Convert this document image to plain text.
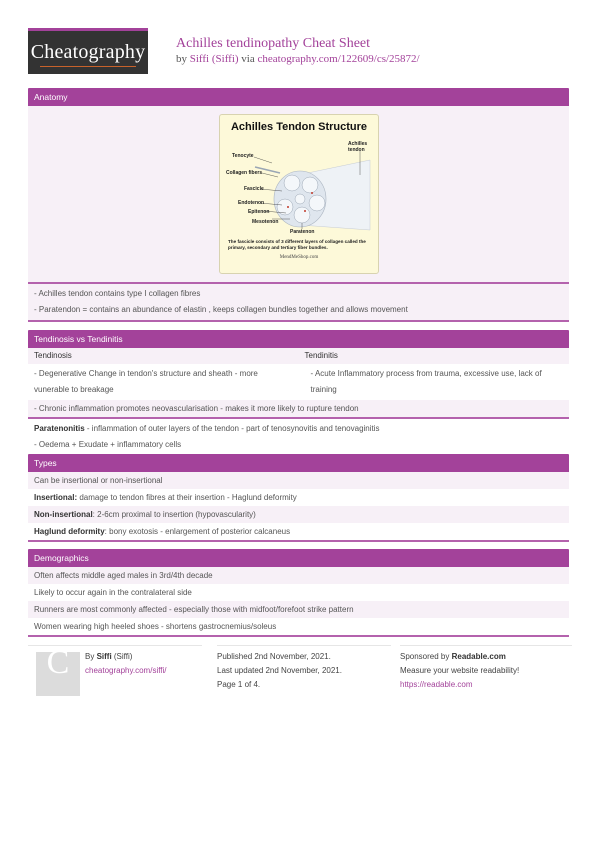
Cheatography Achilles tendinopathy Cheat Sheet
by Siffi (Siffi) via cheatography.com/122609/cs/25872/
Anatomy
Achilles Tendon Structure
Tenocyte
Collagen fibers
Fascicle
Endotenon
Epitenon
Mesotenon
Paratenon
Achilles tendon
The fascicle consists of 3 different layers of collagen called the primary, secondary and tertiary fiber bundles.
MendMeShop.com
- Achilles tendon contains type I collagen fibres
- Paratendon = contains an abundance of elastin , keeps collagen bundles together and allows movement
Tendinosis vs Tendinitis
Tendinosis	Tendinitis
- Degenerative Change in tendon's structure and sheath - more vunerable to breakage
- Acute Inflammatory process from trauma, excessive use, lack of training
- Chronic inflammation promotes neovascularisation - makes it more likely to rupture tendon
Paratenonitis - inflammation of outer layers of the tendon - part of tenosynovitis and tenovaginitis
- Oedema + Exudate + inflammatory cells
Types
Can be insertional or non-insertional
Insertional: damage to tendon fibres at their insertion - Haglund deformity
Non-insertional: 2-6cm proximal to insertion (hypovascularity)
Haglund deformity: bony exotosis - enlargement of posterior calcaneus
Demographics
Often affects middle aged males in 3rd/4th decade
Likely to occur again in the contralateral side
Runners are most commonly affected - especially those with midfoot/forefoot strike pattern
Women wearing high heeled shoes - shortens gastrocnemius/soleus
C	By Siffi (Siffi)
cheatography.com/siffi/
Published 2nd November, 2021.
Last updated 2nd November, 2021.
Page 1 of 4.
Sponsored by Readable.com
Measure your website readability!
https://readable.com
